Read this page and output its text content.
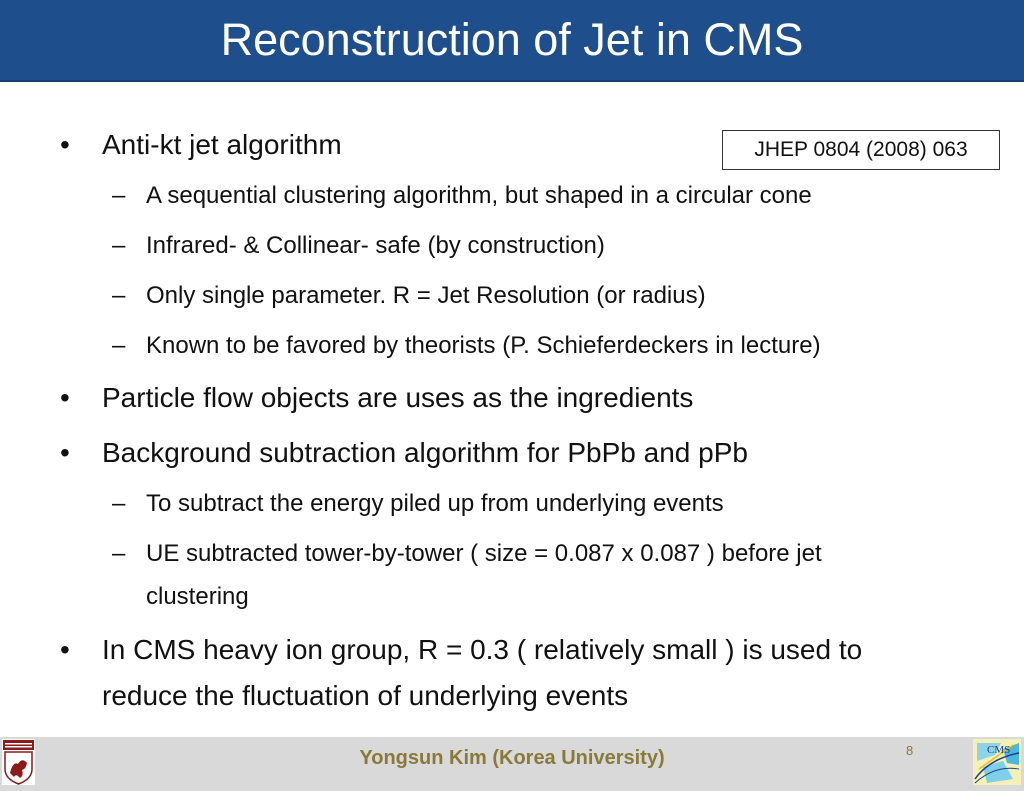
Reconstruction of Jet in CMS
JHEP 0804 (2008) 063
• Anti-kt jet algorithm
– A sequential clustering algorithm, but shaped in a circular cone
– Infrared- & Collinear- safe (by construction)
– Only single parameter. R = Jet Resolution (or radius)
– Known to be favored by theorists (P. Schieferdeckers in lecture)
• Particle flow objects are uses as the ingredients
• Background subtraction algorithm for PbPb and pPb
– To subtract the energy piled up from underlying events
– UE subtracted tower-by-tower ( size = 0.087 x 0.087 ) before jet
clustering
• In CMS heavy ion group, R = 0.3 ( relatively small ) is used to
reduce the fluctuation of underlying events
Yongsun Kim (Korea University)	8	CMS
